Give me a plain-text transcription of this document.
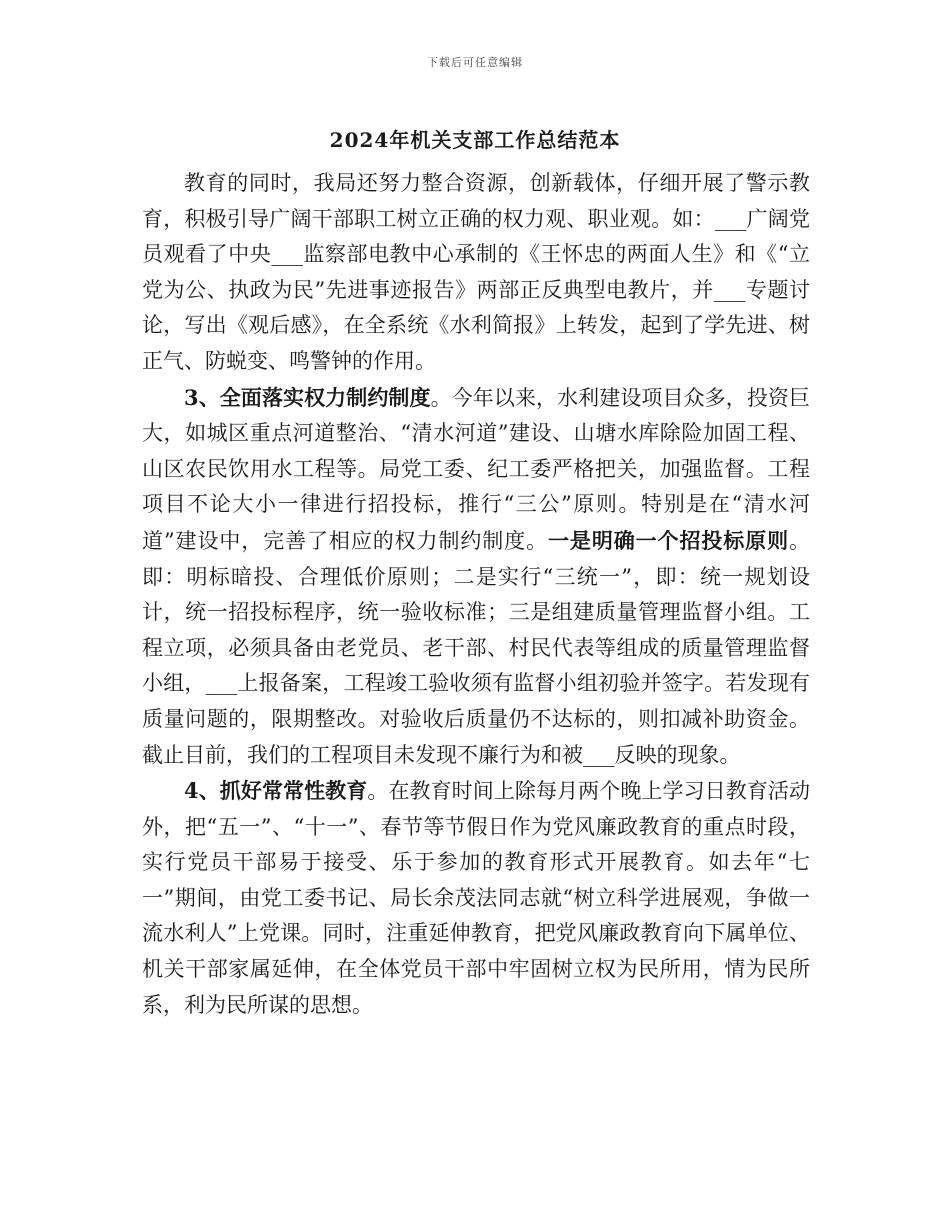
下载后可任意编辑
2024年机关支部工作总结范本

教育的同时，我局还努力整合资源，创新载体，仔细开展了警示教育，积极引导广阔干部职工树立正确的权力观、职业观。如：___广阔党员观看了中央___监察部电教中心承制的《王怀忠的两面人生》和《“立党为公、执政为民”先进事迹报告》两部正反典型电教片，并___专题讨论，写出《观后感》，在全系统《水利简报》上转发，起到了学先进、树正气、防蜕变、鸣警钟的作用。

3、全面落实权力制约制度。今年以来，水利建设项目众多，投资巨大，如城区重点河道整治、“清水河道”建设、山塘水库除险加固工程、山区农民饮用水工程等。局党工委、纪工委严格把关，加强监督。工程项目不论大小一律进行招投标，推行“三公”原则。特别是在“清水河道”建设中，完善了相应的权力制约制度。一是明确一个招投标原则。即：明标暗投、合理低价原则；二是实行“三统一”，即：统一规划设计，统一招投标程序，统一验收标准；三是组建质量管理监督小组。工程立项，必须具备由老党员、老干部、村民代表等组成的质量管理监督小组，___上报备案，工程竣工验收须有监督小组初验并签字。若发现有质量问题的，限期整改。对验收后质量仍不达标的，则扣减补助资金。截止目前，我们的工程项目未发现不廉行为和被___反映的现象。

4、抓好常常性教育。在教育时间上除每月两个晚上学习日教育活动外，把“五一”、“十一”、春节等节假日作为党风廉政教育的重点时段，实行党员干部易于接受、乐于参加的教育形式开展教育。如去年“七一”期间，由党工委书记、局长余茂法同志就“树立科学进展观，争做一流水利人”上党课。同时，注重延伸教育，把党风廉政教育向下属单位、机关干部家属延伸，在全体党员干部中牢固树立权为民所用，情为民所系，利为民所谋的思想。
